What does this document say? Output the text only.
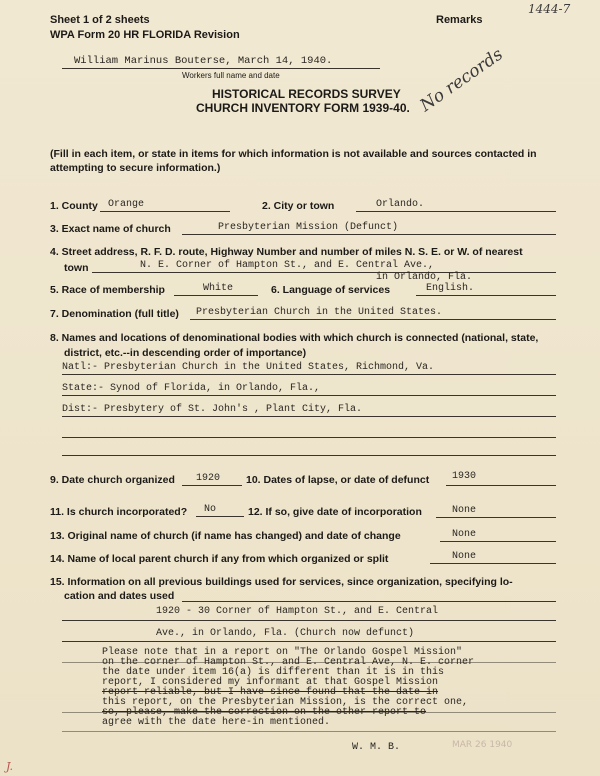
Sheet 1 of 2 sheets
WPA Form 20 HR FLORIDA Revision
Remarks
1444-7
William Marinus Bouterse, March 14, 1940.
Workers full name and date
HISTORICAL RECORDS SURVEY
CHURCH INVENTORY FORM 1939-40. No records
(Fill in each item, or state in items for which information is not available and sources contacted in attempting to secure information.)
1. County Orange	2. City or town	Orlando.
3. Exact name of church	Presbyterian Mission (Defunct)
4. Street address, R. F. D. route, Highway Number and number of miles N. S. E. or W. of nearest
town	N. E. Corner of Hampton St., and E. Central Ave.,
in Orlando, Fla.
5. Race of membership	White	6. Language of services	English.
7. Denomination (full title) Presbyterian Church in the United States.
8. Names and locations of denominational bodies with which church is connected (national, state,
district, etc.--in descending order of importance)
Natl:- Presbyterian Church in the United States, Richmond, Va.
State:- Synod of Florida, in Orlando, Fla.,
Dist:- Presbytery of St. John's , Plant City, Fla.
9. Date church organized 1920 10. Dates of lapse, or date of defunct 1930
11. Is church incorporated? No	12. If so, give date of incorporation	None
13. Original name of church (if name has changed) and date of change	None
14. Name of local parent church if any from which organized or split	None
15. Information on all previous buildings used for services, since organization, specifying lo-
cation and dates used
1920 - 30 Corner of Hampton St., and E. Central
Ave., in Orlando, Fla. (Church now defunct)
Please note that in a report on "The Orlando Gospel Mission"
on the corner of Hampton St., and E. Central Ave, N. E. corner
the date under item 16(a) is different than it is in this
report, I considered my informant at that Gospel Mission
report reliable, but I have since found that the date in
this report, on the Presbyterian Mission, is the correct one,
so, please, make the correction on the other report to
agree with the date here-in mentioned.
W. M. B.	MAR 26 1940
J.
